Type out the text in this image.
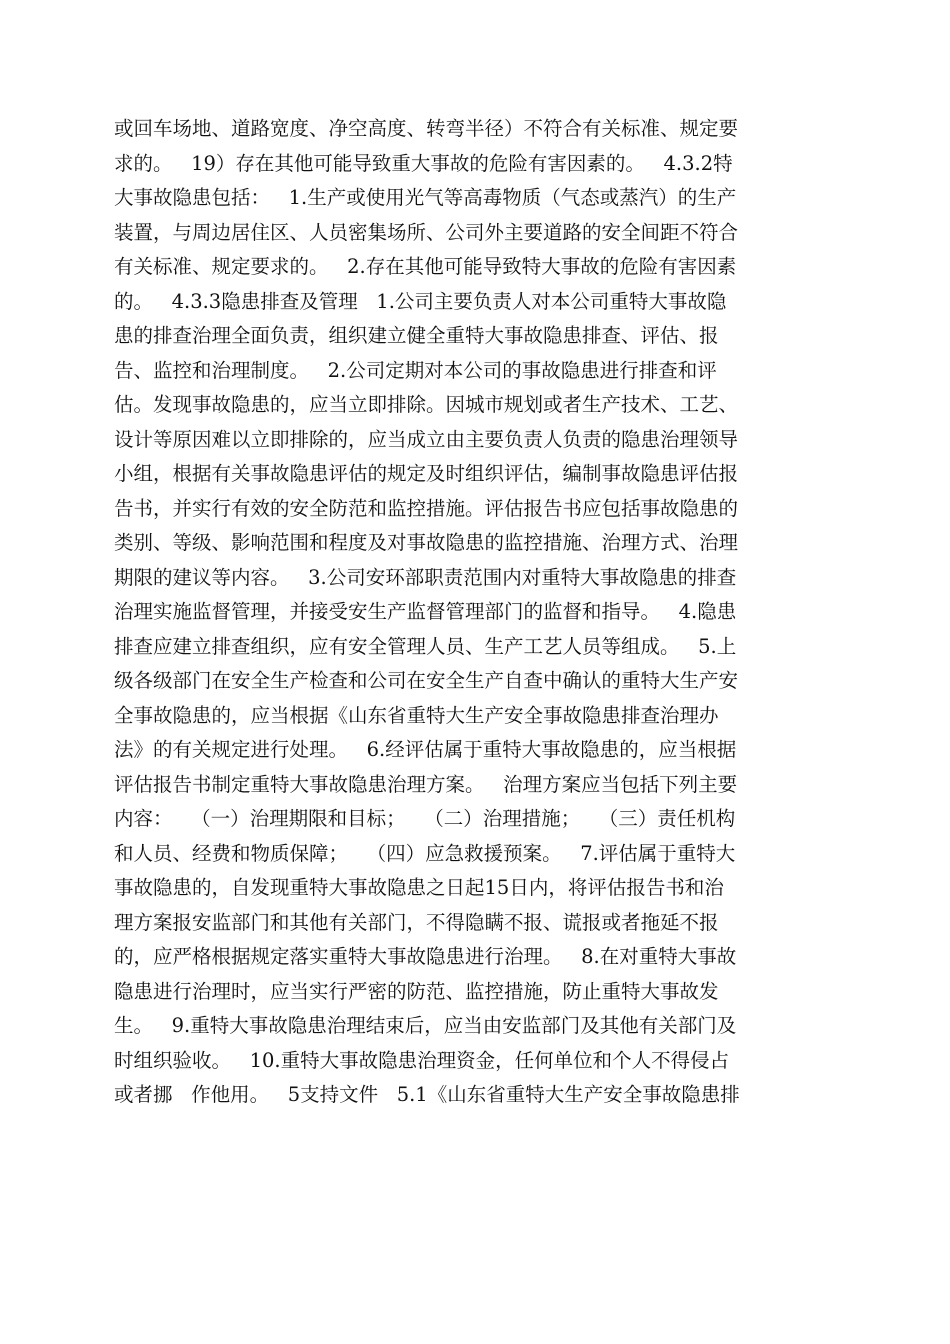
或回车场地、道路宽度、净空高度、转弯半径）不符合有关标准、规定要
求的。   19）存在其他可能导致重大事故的危险有害因素的。   4.3.2特
大事故隐患包括：   1.生产或使用光气等高毒物质（气态或蒸汽）的生产
装置，与周边居住区、人员密集场所、公司外主要道路的安全间距不符合
有关标准、规定要求的。   2.存在其他可能导致特大事故的危险有害因素
的。   4.3.3隐患排查及管理   1.公司主要负责人对本公司重特大事故隐
患的排查治理全面负责，组织建立健全重特大事故隐患排查、评估、报
告、监控和治理制度。   2.公司定期对本公司的事故隐患进行排查和评
估。发现事故隐患的，应当立即排除。因城市规划或者生产技术、工艺、
设计等原因难以立即排除的，应当成立由主要负责人负责的隐患治理领导
小组，根据有关事故隐患评估的规定及时组织评估，编制事故隐患评估报
告书，并实行有效的安全防范和监控措施。评估报告书应包括事故隐患的
类别、等级、影响范围和程度及对事故隐患的监控措施、治理方式、治理
期限的建议等内容。   3.公司安环部职责范围内对重特大事故隐患的排查
治理实施监督管理，并接受安生产监督管理部门的监督和指导。   4.隐患
排查应建立排查组织，应有安全管理人员、生产工艺人员等组成。   5.上
级各级部门在安全生产检查和公司在安全生产自查中确认的重特大生产安
全事故隐患的，应当根据《山东省重特大生产安全事故隐患排查治理办
法》的有关规定进行处理。   6.经评估属于重特大事故隐患的，应当根据
评估报告书制定重特大事故隐患治理方案。   治理方案应当包括下列主要
内容：   （一）治理期限和目标；   （二）治理措施；   （三）责任机构
和人员、经费和物质保障；   （四）应急救援预案。   7.评估属于重特大
事故隐患的，自发现重特大事故隐患之日起15日内，将评估报告书和治
理方案报安监部门和其他有关部门，不得隐瞒不报、谎报或者拖延不报
的，应严格根据规定落实重特大事故隐患进行治理。   8.在对重特大事故
隐患进行治理时，应当实行严密的防范、监控措施，防止重特大事故发
生。   9.重特大事故隐患治理结束后，应当由安监部门及其他有关部门及
时组织验收。   10.重特大事故隐患治理资金，任何单位和个人不得侵占
或者挪   作他用。   5支持文件   5.1《山东省重特大生产安全事故隐患排
